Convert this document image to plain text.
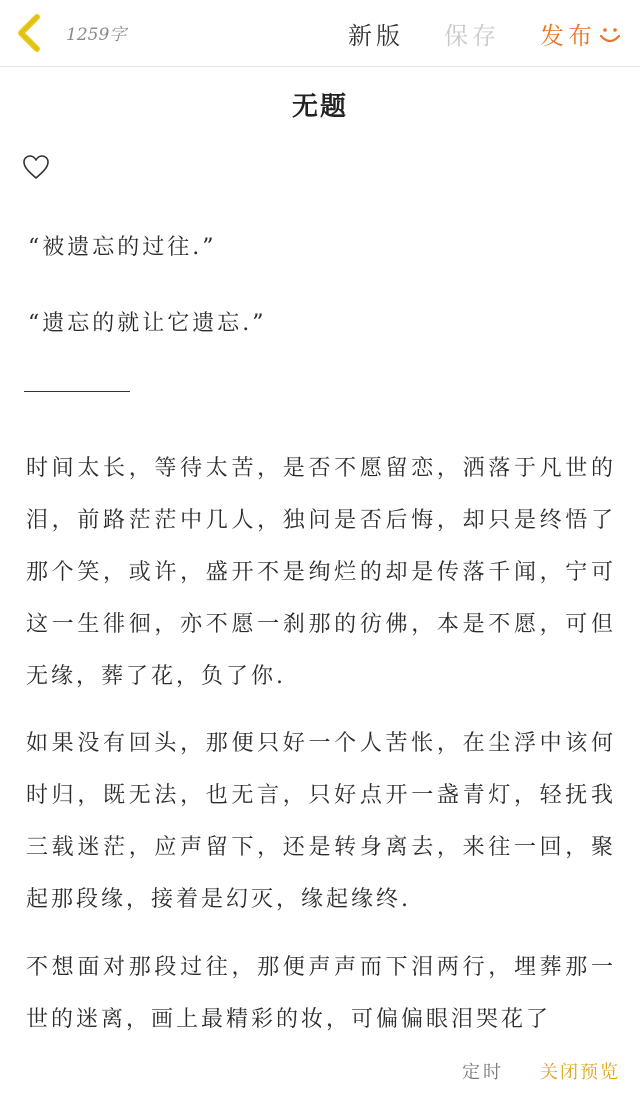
1259字	新版 保存 发布
无题
“被遗忘的过往.”
“遗忘的就让它遗忘.”

时间太长，等待太苦，是否不愿留恋，洒落于凡世的泪，前路茫茫中几人，独问是否后悔，却只是终悟了那个笑，或许，盛开不是绚烂的却是传落千闻，宁可这一生徘徊，亦不愿一刹那的彷佛，本是不愿，可但无缘，葬了花，负了你.

如果没有回头，那便只好一个人苦怅，在尘浮中该何时归，既无法，也无言，只好点开一盏青灯，轻抚我三载迷茫，应声留下，还是转身离去，来往一回，聚起那段缘，接着是幻灭，缘起缘终.

不想面对那段过往，那便声声而下泪两行，埋葬那一世的迷离，画上最精彩的妆，可偏偏眼泪哭花了

定时 关闭预览
